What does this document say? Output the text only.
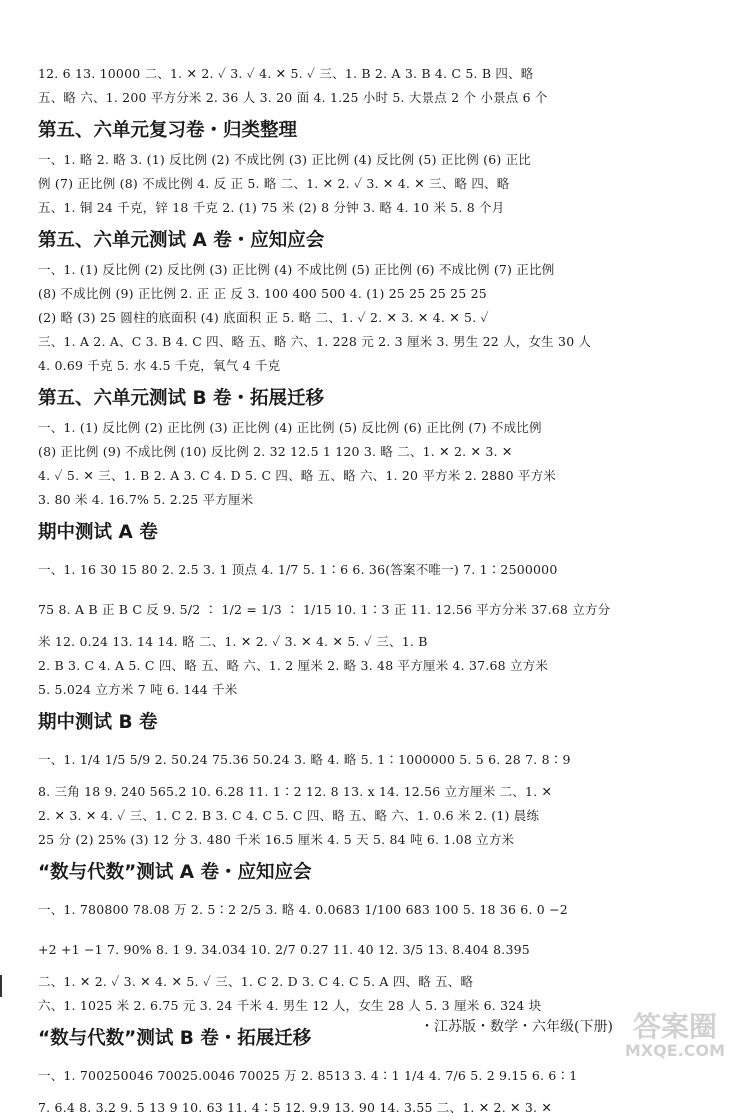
12. 6 13. 10000 二、1. ✕ 2. ✓ 3. ✓ 4. ✕ 5. ✓ 三、1. B 2. A 3. B 4. C 5. B 四、略
五、略 六、1. 200 平方分米 2. 36 人 3. 20 面 4. 1.25 小时 5. 大景点 2 个 小景点 6 个
第五、六单元复习卷・归类整理
一、1. 略 2. 略 3. (1) 反比例 (2) 不成比例 (3) 正比例 (4) 反比例 (5) 正比例 (6) 正比
例 (7) 正比例 (8) 不成比例 4. 反 正 5. 略 二、1. ✕ 2. ✓ 3. ✕ 4. ✕ 三、略 四、略
五、1. 铜 24 千克，锌 18 千克 2. (1) 75 米 (2) 8 分钟 3. 略 4. 10 米 5. 8 个月
第五、六单元测试 A 卷・应知应会
一、1. (1) 反比例 (2) 反比例 (3) 正比例 (4) 不成比例 (5) 正比例 (6) 不成比例 (7) 正比例
(8) 不成比例 (9) 正比例 2. 正 正 反 3. 100 400 500 4. (1) 25 25 25 25 25
(2) 略 (3) 25 圆柱的底面积 (4) 底面积 正 5. 略 二、1. ✓ 2. ✕ 3. ✕ 4. ✕ 5. ✓
三、1. A 2. A、C 3. B 4. C 四、略 五、略 六、1. 228 元 2. 3 厘米 3. 男生 22 人，女生 30 人
4. 0.69 千克 5. 水 4.5 千克，氧气 4 千克
第五、六单元测试 B 卷・拓展迁移
一、1. (1) 反比例 (2) 正比例 (3) 正比例 (4) 正比例 (5) 反比例 (6) 正比例 (7) 不成比例
(8) 正比例 (9) 不成比例 (10) 反比例 2. 32 12.5 1 120 3. 略 二、1. ✕ 2. ✕ 3. ✕
4. ✓ 5. ✕ 三、1. B 2. A 3. C 4. D 5. C 四、略 五、略 六、1. 20 平方米 2. 2880 平方米
3. 80 米 4. 16.7% 5. 2.25 平方厘米
期中测试 A 卷
一、1. 16 30 15 80 2. 2.5 3. 1 顶点 4. 1/7 5. 1∶6 6. 36(答案不唯一) 7. 1∶2500000
75 8. A B 正 B C 反 9. 5/2 ∶ 1/2 = 1/3 ∶ 1/15 10. 1∶3 正 11. 12.56 平方分米 37.68 立方分
米 12. 0.24 13. 14 14. 略 二、1. ✕ 2. ✓ 3. ✕ 4. ✕ 5. ✓ 三、1. B
2. B 3. C 4. A 5. C 四、略 五、略 六、1. 2 厘米 2. 略 3. 48 平方厘米 4. 37.68 立方米
5. 5.024 立方米 7 吨 6. 144 千米
期中测试 B 卷
一、1. 1/4 1/5 5/9 2. 50.24 75.36 50.24 3. 略 4. 略 5. 1∶1000000 5. 5 6. 28 7. 8∶9
8. 三角 18 9. 240 565.2 10. 6.28 11. 1∶2 12. 8 13. x 14. 12.56 立方厘米 二、1. ✕
2. ✕ 3. ✕ 4. ✓ 三、1. C 2. B 3. C 4. C 5. C 四、略 五、略 六、1. 0.6 米 2. (1) 晨练
25 分 (2) 25% (3) 12 分 3. 480 千米 16.5 厘米 4. 5 天 5. 84 吨 6. 1.08 立方米
“数与代数”测试 A 卷・应知应会
一、1. 780800 78.08 万 2. 5∶2 2/5 3. 略 4. 0.0683 1/100 683 100 5. 18 36 6. 0 −2
+2 +1 −1 7. 90% 8. 1 9. 34.034 10. 2/7 0.27 11. 40 12. 3/5 13. 8.404 8.395
二、1. ✕ 2. ✓ 3. ✕ 4. ✕ 5. ✓ 三、1. C 2. D 3. C 4. C 5. A 四、略 五、略
六、1. 1025 米 2. 6.75 元 3. 24 千米 4. 男生 12 人，女生 28 人 5. 3 厘米 6. 324 块
“数与代数”测试 B 卷・拓展迁移
一、1. 700250046 70025.0046 70025 万 2. 8513 3. 4∶1 1/4 4. 7/6 5. 2 9.15 6. 6∶1
7. 6.4 8. 3.2 9. 5 13 9 10. 63 11. 4∶5 12. 9.9 13. 90 14. 3.55 二、1. ✕ 2. ✕ 3. ✕
・江苏版・数学・六年级(下册) 答案圈
MXQE.COM
